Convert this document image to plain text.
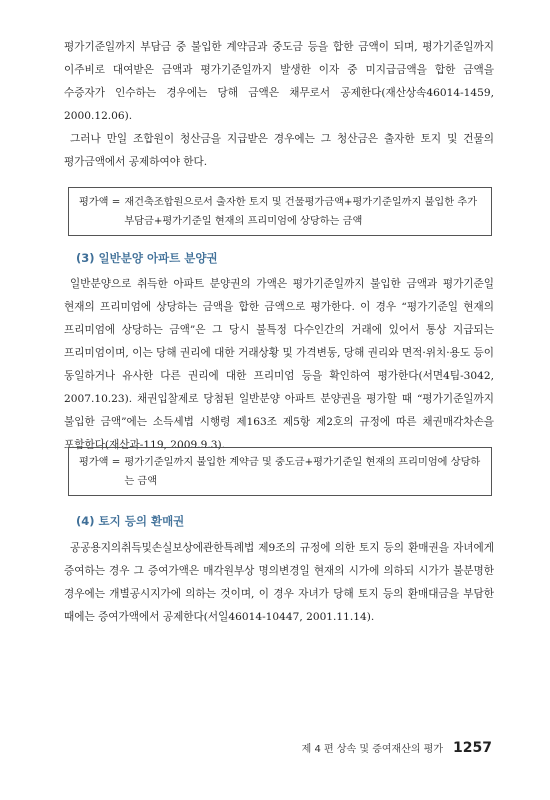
평가기준일까지 부담금 중 불입한 계약금과 중도금 등을 합한 금액이 되며, 평가기준일까지 이주비로 대여받은 금액과 평가기준일까지 발생한 이자 중 미지급금액을 합한 금액을 수증자가 인수하는 경우에는 당해 금액은 채무로서 공제한다(재산상속46014-1459, 2000.12.06).

그러나 만일 조합원이 청산금을 지급받은 경우에는 그 청산금은 출자한 토지 및 건물의 평가금액에서 공제하여야 한다.

평가액 = 재건축조합원으로서 출자한 토지 및 건물평가금액+평가기준일까지 불입한 추가부담금+평가기준일 현재의 프리미엄에 상당하는 금액
(3) 일반분양 아파트 분양권

일반분양으로 취득한 아파트 분양권의 가액은 평가기준일까지 불입한 금액과 평가기준일 현재의 프리미엄에 상당하는 금액을 합한 금액으로 평가한다. 이 경우 “평가기준일 현재의 프리미엄에 상당하는 금액”은 그 당시 불특정 다수인간의 거래에 있어서 통상 지급되는 프리미엄이며, 이는 당해 권리에 대한 거래상황 및 가격변동, 당해 권리와 면적·위치·용도 등이 동일하거나 유사한 다른 권리에 대한 프리미엄 등을 확인하여 평가한다(서면4팀-3042, 2007.10.23). 채권입찰제로 당첨된 일반분양 아파트 분양권을 평가할 때 “평가기준일까지 불입한 금액”에는 소득세법 시행령 제163조 제5항 제2호의 규정에 따른 채권매각차손을 포함한다(재산과-119, 2009.9.3).

평가액 = 평가기준일까지 불입한 계약금 및 중도금+평가기준일 현재의 프리미엄에 상당하는 금액
(4) 토지 등의 환매권

공공용지의취득및손실보상에관한특례법 제9조의 규정에 의한 토지 등의 환매권을 자녀에게 증여하는 경우 그 증여가액은 매각원부상 명의변경일 현재의 시가에 의하되 시가가 불분명한 경우에는 개별공시지가에 의하는 것이며, 이 경우 자녀가 당해 토지 등의 환매대금을 부담한 때에는 증여가액에서 공제한다(서일46014-10447, 2001.11.14).

제 4 편 상속 및 증여재산의 평가 1257
